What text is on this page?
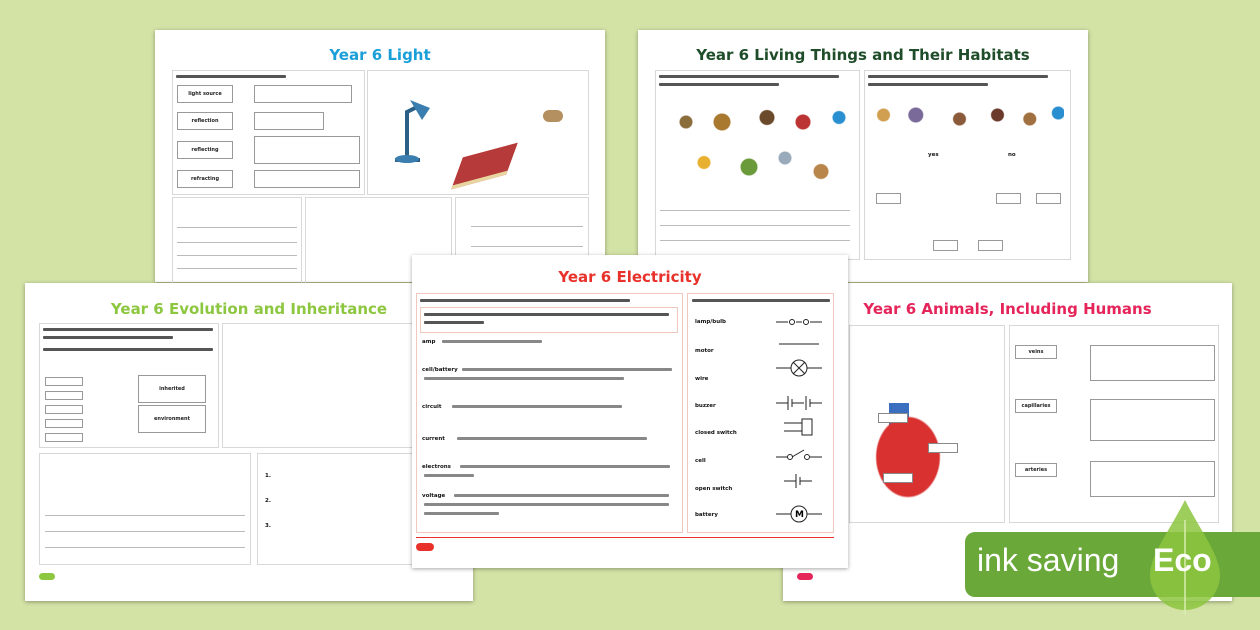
Year 6 Light
light source
reflection
reflecting
refracting
Year 6 Living Things and Their Habitats
yes	no
Year 6 Evolution and Inheritance
inherited
environment
1.
2.
3.
Year 6 Animals, Including Humans
veins
capillaries
arteries
Year 6 Electricity
amp
cell/battery
circuit
current
electrons
voltage
lamp/bulb
motor
wire
buzzer
closed switch
cell
open switch
battery	M
ink saving Eco
